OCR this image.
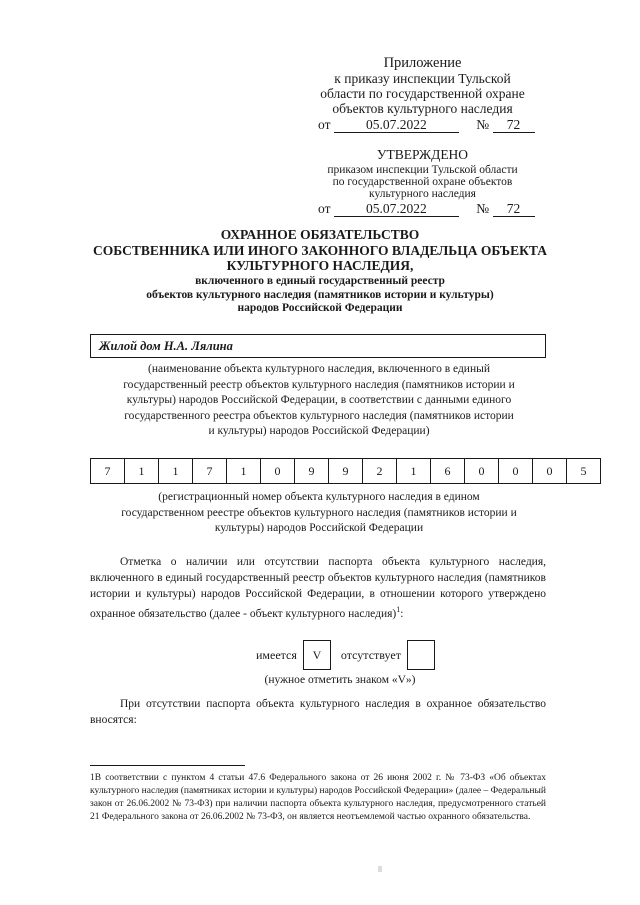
Приложение
к приказу инспекции Тульской
области по государственной охране
объектов культурного наследия
от	05.07.2022	№ 72
УТВЕРЖДЕНО
приказом инспекции Тульской области
по государственной охране объектов
культурного наследия
от	05.07.2022	№ 72
ОХРАННОЕ ОБЯЗАТЕЛЬСТВО
СОБСТВЕННИКА ИЛИ ИНОГО ЗАКОННОГО ВЛАДЕЛЬЦА ОБЪЕКТА
КУЛЬТУРНОГО НАСЛЕДИЯ,
включенного в единый государственный реестр
объектов культурного наследия (памятников истории и культуры)
народов Российской Федерации
Жилой дом Н.А. Лялина
(наименование объекта культурного наследия, включенного в единый
государственный реестр объектов культурного наследия (памятников истории и
культуры) народов Российской Федерации, в соответствии с данными единого
государственного реестра объектов культурного наследия (памятников истории
и культуры) народов Российской Федерации)
7	1	1	7	1	0	9	9	2	1	6	0	0	0	5
(регистрационный номер объекта культурного наследия в едином
государственном реестре объектов культурного наследия (памятников истории и
культуры) народов Российской Федерации
Отметка о наличии или отсутствии паспорта объекта культурного наследия, включенного в единый государственный реестр объектов культурного наследия (памятников истории и культуры) народов Российской Федерации, в отношении которого утверждено охранное обязательство (далее - объект культурного наследия)$^1$:
имеется	V	отсутствует
(нужное отметить знаком «V»)
При отсутствии паспорта объекта культурного наследия в охранное обязательство вносятся:
1В соответствии с пунктом 4 статьи 47.6 Федерального закона от 26 июня 2002 г. № 73-ФЗ «Об объектах культурного наследия (памятниках истории и культуры) народов Российской Федерации» (далее – Федеральный закон от 26.06.2002 № 73-ФЗ) при наличии паспорта объекта культурного наследия, предусмотренного статьей 21 Федерального закона от 26.06.2002 № 73-ФЗ, он является неотъемлемой частью охранного обязательства.
